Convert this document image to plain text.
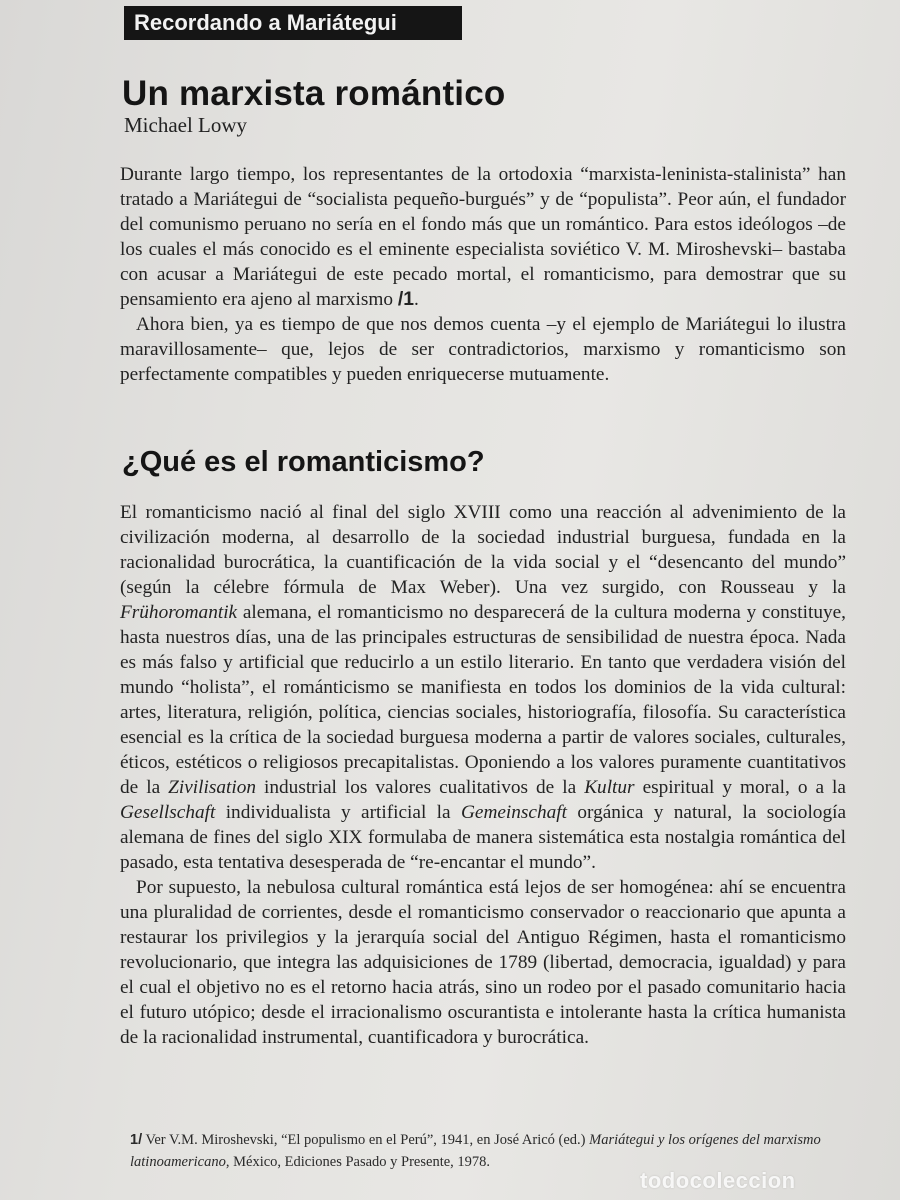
Recordando a Mariátegui
Un marxista romántico
Michael Lowy

Durante largo tiempo, los representantes de la ortodoxia “marxista-leninista-stalinista” han tratado a Mariátegui de “socialista pequeño-burgués” y de “populista”. Peor aún, el fundador del comunismo peruano no sería en el fondo más que un romántico. Para estos ideólogos –de los cuales el más conocido es el eminente especialista soviético V. M. Miroshevski– bastaba con acusar a Mariátegui de este pecado mortal, el romanticismo, para demostrar que su pensamiento era ajeno al marxismo /1.

Ahora bien, ya es tiempo de que nos demos cuenta –y el ejemplo de Mariátegui lo ilustra maravillosamente– que, lejos de ser contradictorios, marxismo y romanticismo son perfectamente compatibles y pueden enriquecerse mutuamente.

¿Qué es el romanticismo?

El romanticismo nació al final del siglo XVIII como una reacción al advenimiento de la civilización moderna, al desarrollo de la sociedad industrial burguesa, fundada en la racionalidad burocrática, la cuantificación de la vida social y el “desencanto del mundo” (según la célebre fórmula de Max Weber). Una vez surgido, con Rousseau y la Frühoromantik alemana, el romanticismo no desparecerá de la cultura moderna y constituye, hasta nuestros días, una de las principales estructuras de sensibilidad de nuestra época. Nada es más falso y artificial que reducirlo a un estilo literario. En tanto que verdadera visión del mundo “holista”, el románticismo se manifiesta en todos los dominios de la vida cultural: artes, literatura, religión, política, ciencias sociales, historiografía, filosofía. Su característica esencial es la crítica de la sociedad burguesa moderna a partir de valores sociales, culturales, éticos, estéticos o religiosos precapitalistas. Oponiendo a los valores puramente cuantitativos de la Zivilisation industrial los valores cualitativos de la Kultur espiritual y moral, o a la Gesellschaft individualista y artificial la Gemeinschaft orgánica y natural, la sociología alemana de fines del siglo XIX formulaba de manera sistemática esta nostalgia romántica del pasado, esta tentativa desesperada de “re-encantar el mundo”.

Por supuesto, la nebulosa cultural romántica está lejos de ser homogénea: ahí se encuentra una pluralidad de corrientes, desde el romanticismo conservador o reaccionario que apunta a restaurar los privilegios y la jerarquía social del Antiguo Régimen, hasta el romanticismo revolucionario, que integra las adquisiciones de 1789 (libertad, democracia, igualdad) y para el cual el objetivo no es el retorno hacia atrás, sino un rodeo por el pasado comunitario hacia el futuro utópico; desde el irracionalismo oscurantista e intolerante hasta la crítica humanista de la racionalidad instrumental, cuantificadora y burocrática.

1/ Ver V.M. Miroshevski, “El populismo en el Perú”, 1941, en José Aricó (ed.) Mariátegui y los orígenes del marxismo latinoamericano, México, Ediciones Pasado y Presente, 1978.
todocoleccion
